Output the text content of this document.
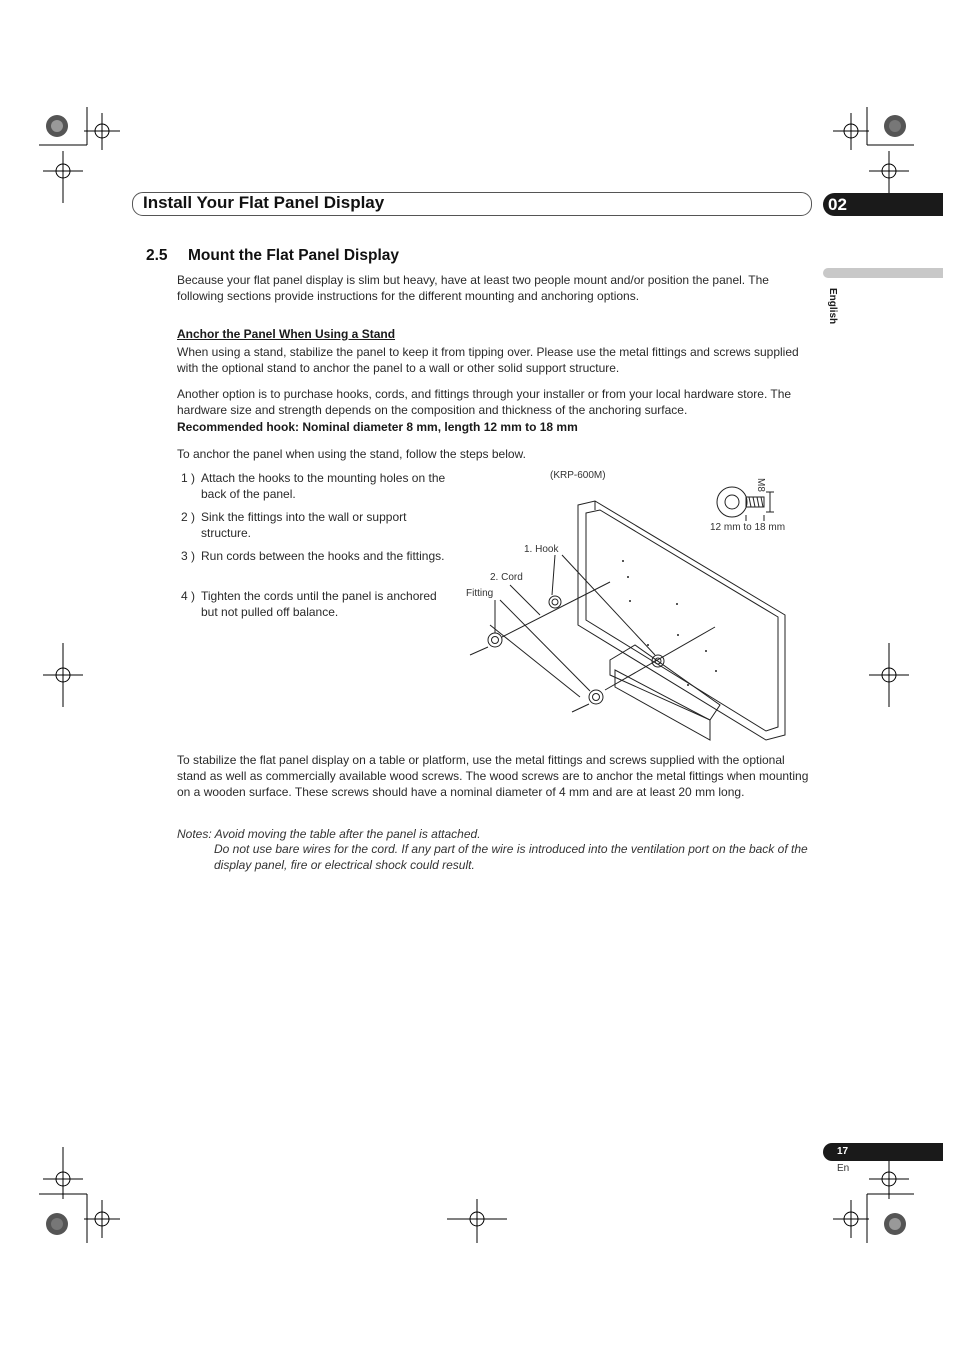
Install Your Flat Panel Display	02
English
2.5 Mount the Flat Panel Display
Because your flat panel display is slim but heavy, have at least two people mount and/or position the panel. The following sections provide instructions for the different mounting and anchoring options.
Anchor the Panel When Using a Stand
When using a stand, stabilize the panel to keep it from tipping over. Please use the metal fittings and screws supplied with the optional stand to anchor the panel to a wall or other solid support structure.
Another option is to purchase hooks, cords, and fittings through your installer or from your local hardware store. The hardware size and strength depends on the composition and thickness of the anchoring surface.
Recommended hook: Nominal diameter 8 mm, length 12 mm to 18 mm
To anchor the panel when using the stand, follow the steps below.
1 ) Attach the hooks to the mounting holes on the back of the panel.
2 ) Sink the fittings into the wall or support structure.
3 ) Run cords between the hooks and the fittings.
4 ) Tighten the cords until the panel is anchored but not pulled off balance.
(KRP-600M)
1. Hook
2. Cord
Fitting
M8
12 mm to 18 mm
To stabilize the flat panel display on a table or platform, use the metal fittings and screws supplied with the optional stand as well as commercially available wood screws. The wood screws are to anchor the metal fittings when mounting on a wooden surface. These screws should have a nominal diameter of 4 mm and are at least 20 mm long.
Notes: Avoid moving the table after the panel is attached.
Do not use bare wires for the cord. If any part of the wire is introduced into the ventilation port on the back of the display panel, fire or electrical shock could result.
17
En
